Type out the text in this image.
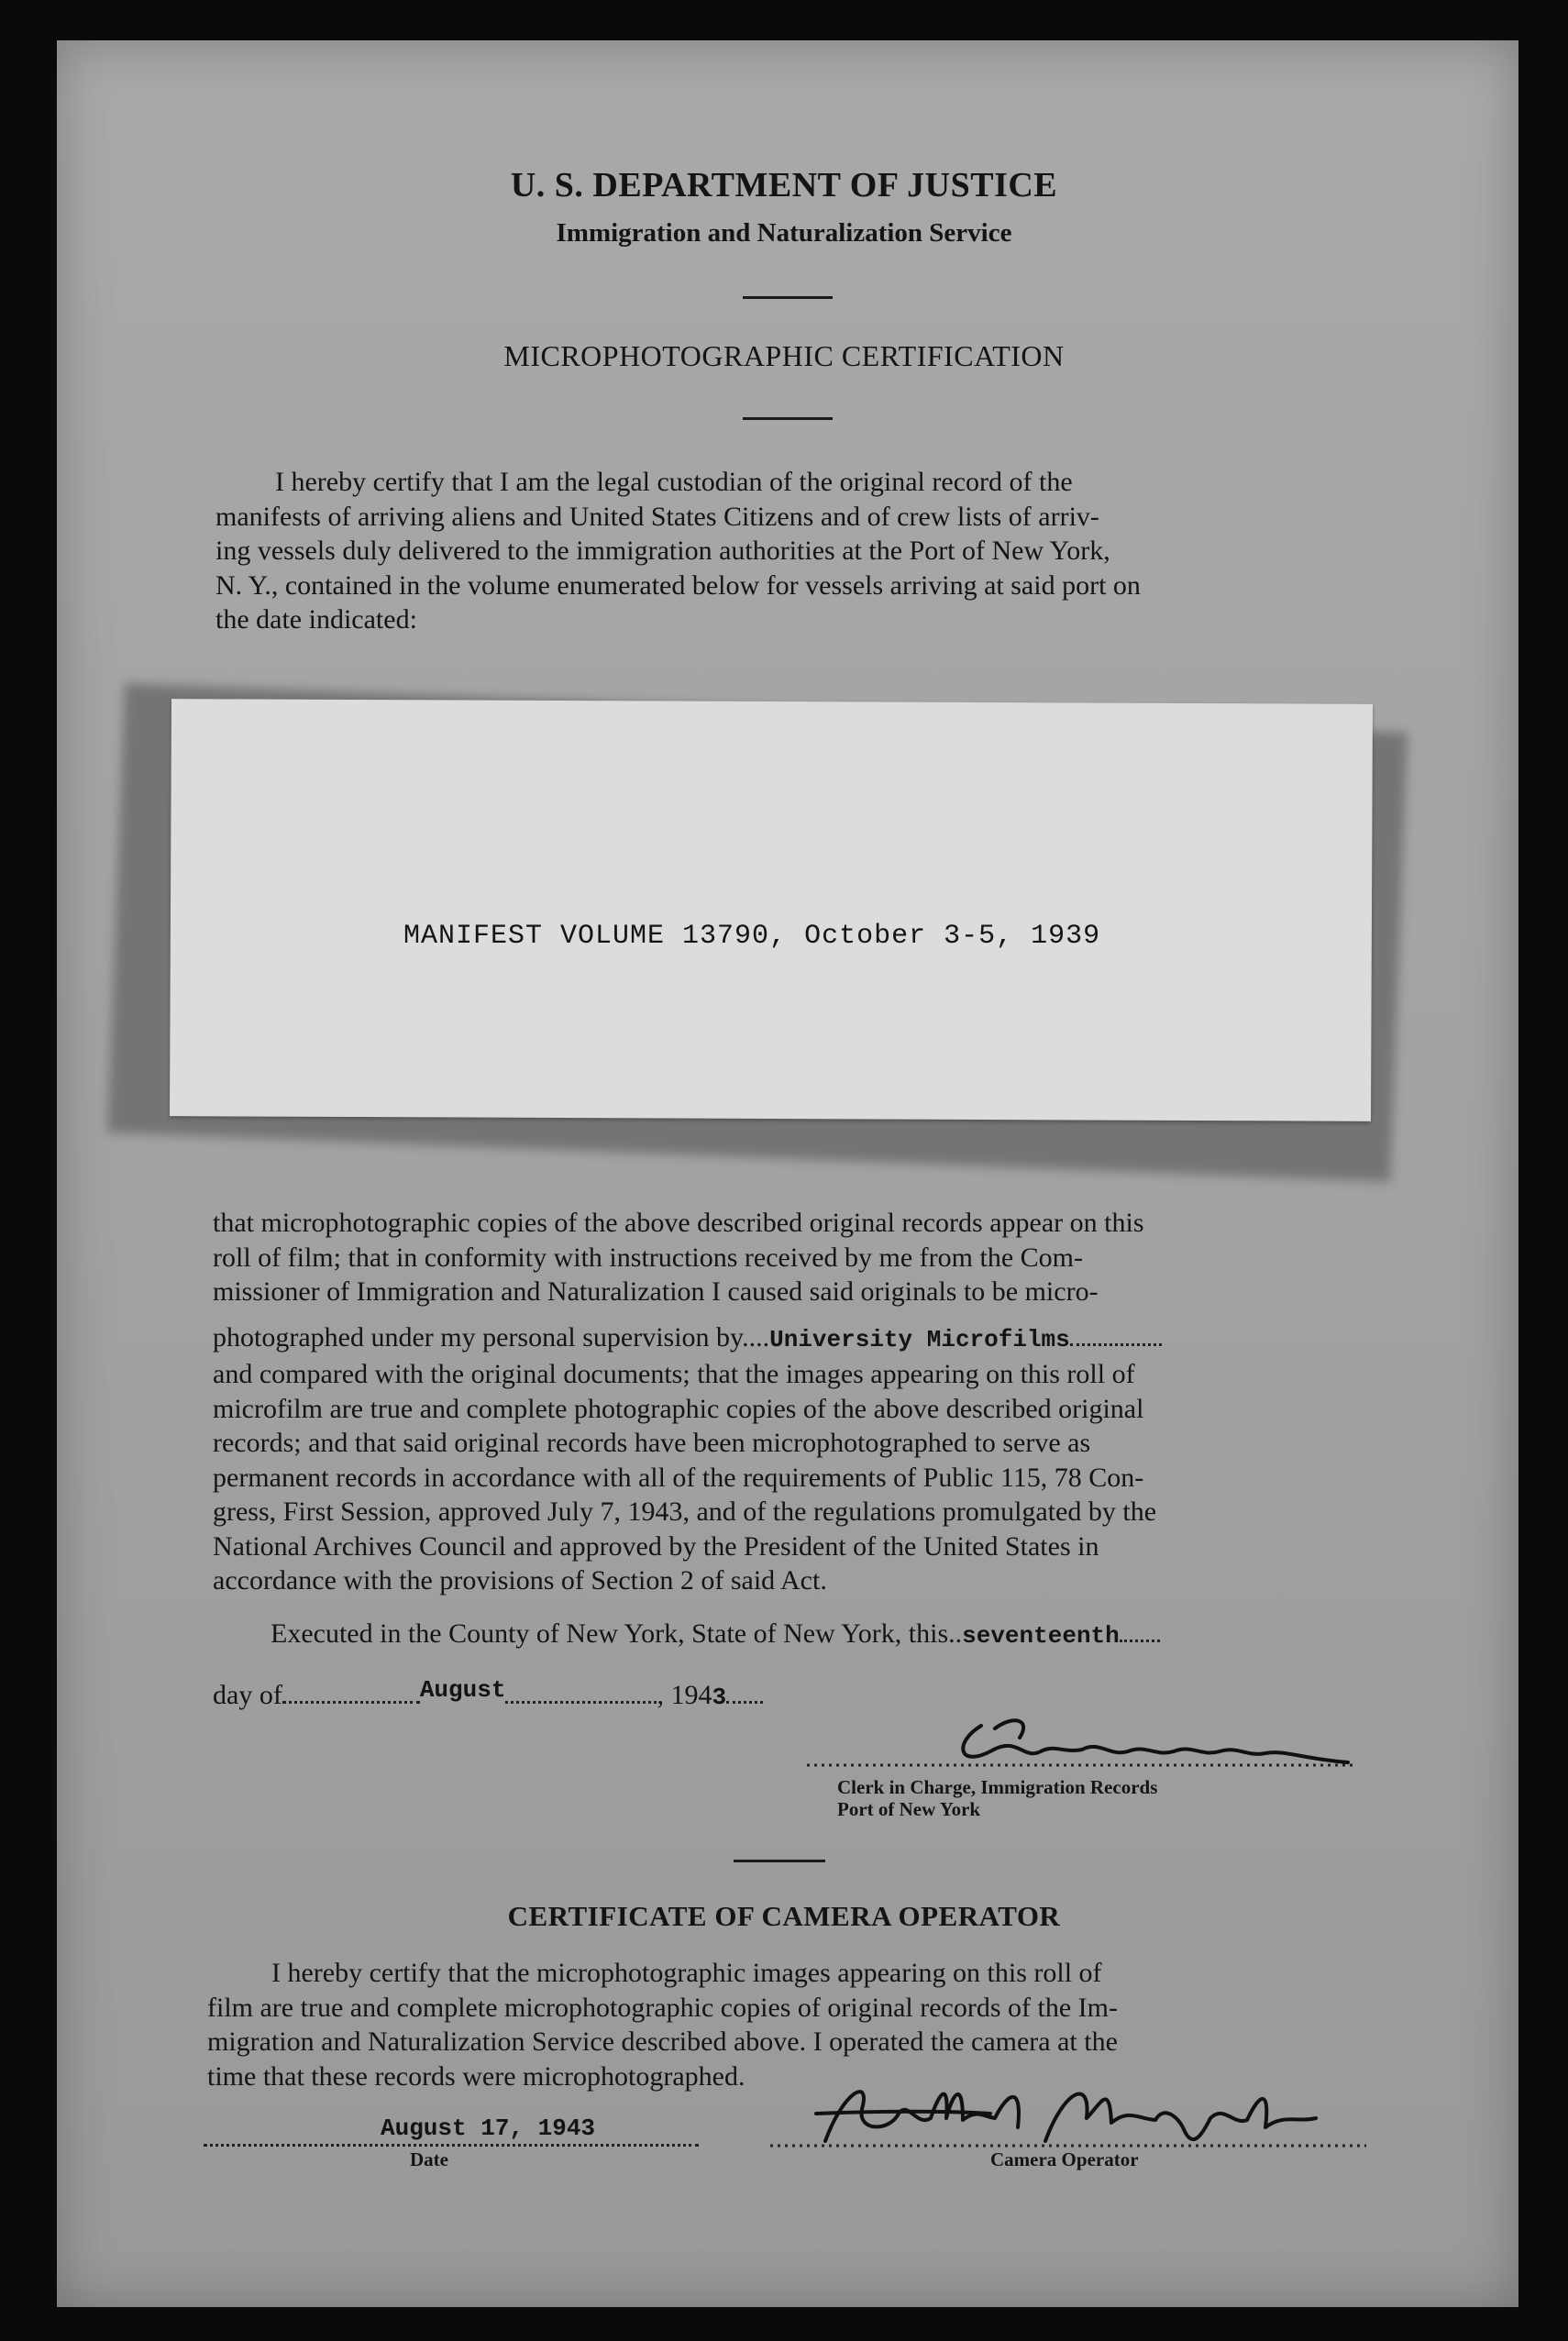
U. S. DEPARTMENT OF JUSTICE
Immigration and Naturalization Service
MICROPHOTOGRAPHIC CERTIFICATION
I hereby certify that I am the legal custodian of the original record of the
manifests of arriving aliens and United States Citizens and of crew lists of arriv-
ing vessels duly delivered to the immigration authorities at the Port of New York,
N. Y., contained in the volume enumerated below for vessels arriving at said port on
the date indicated:
MANIFEST VOLUME 13790, October 3-5, 1939
that microphotographic copies of the above described original records appear on this
roll of film; that in conformity with instructions received by me from the Com-
missioner of Immigration and Naturalization I caused said originals to be micro-
photographed under my personal supervision by....University Microfilms
and compared with the original documents; that the images appearing on this roll of
microfilm are true and complete photographic copies of the above described original
records; and that said original records have been microphotographed to serve as
permanent records in accordance with all of the requirements of Public 115, 78 Con-
gress, First Session, approved July 7, 1943, and of the regulations promulgated by the
National Archives Council and approved by the President of the United States in
accordance with the provisions of Section 2 of said Act.
Executed in the County of New York, State of New York, this..seventeenth
day of	August	, 1943
Clerk in Charge, Immigration Records
Port of New York
CERTIFICATE OF CAMERA OPERATOR
I hereby certify that the microphotographic images appearing on this roll of
film are true and complete microphotographic copies of original records of the Im-
migration and Naturalization Service described above. I operated the camera at the
time that these records were microphotographed.
August 17, 1943
Date	Camera Operator
